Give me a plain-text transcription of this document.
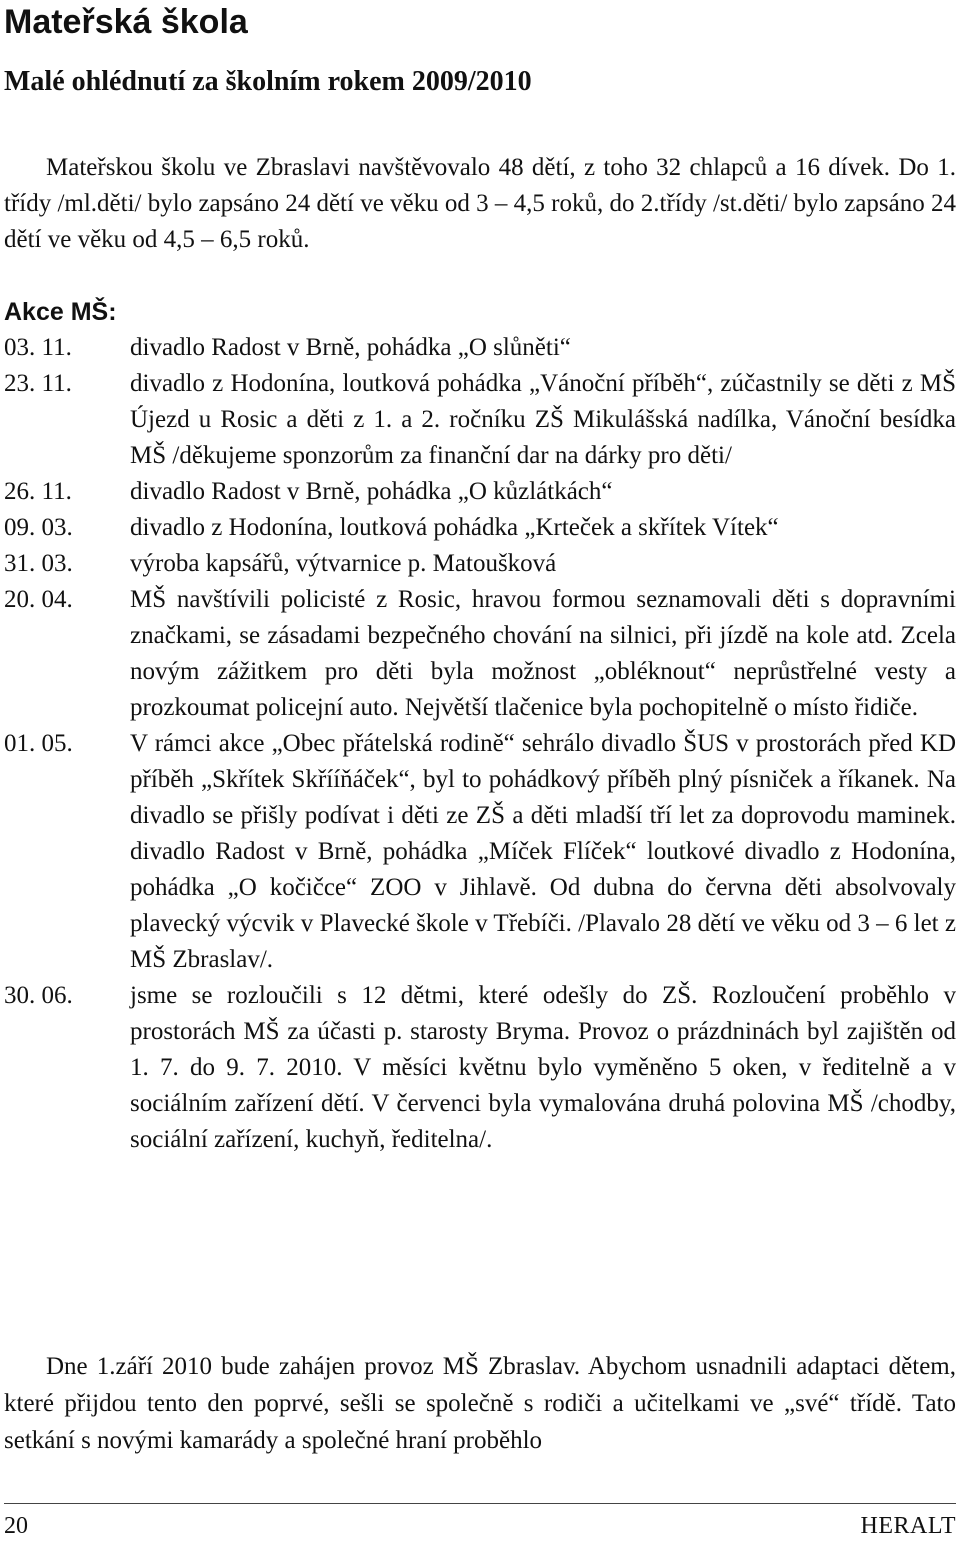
Mateřská škola
Malé ohlédnutí za školním rokem 2009/2010

Mateřskou školu ve Zbraslavi navštěvovalo 48 dětí, z toho 32 chlapců a 16 dívek. Do 1. třídy /ml.děti/ bylo zapsáno 24 dětí ve věku od 3 – 4,5 roků, do 2.třídy /st.děti/ bylo zapsáno 24 dětí ve věku od 4,5 – 6,5 roků.

Akce MŠ:
03. 11.	divadlo Radost v Brně, pohádka „O slůněti“
23. 11.	divadlo z Hodonína, loutková pohádka „Vánoční příběh“, zúčastnily se děti z MŠ Újezd u Rosic a děti z 1. a 2. ročníku ZŠ Mikulášská nadílka, Vánoční besídka MŠ /děkujeme sponzorům za finanční dar na dárky pro děti/
26. 11.	divadlo Radost v Brně, pohádka „O kůzlátkách“
09. 03.	divadlo z Hodonína, loutková pohádka „Krteček a skřítek Vítek“
31. 03.	výroba kapsářů, výtvarnice p. Matoušková
20. 04.	MŠ navštívili policisté z Rosic, hravou formou seznamovali děti s dopravními značkami, se zásadami bezpečného chování na silnici, při jízdě na kole atd. Zcela novým zážitkem pro děti byla možnost „obléknout“ neprůstřelné vesty a prozkoumat policejní auto. Největší tlačenice byla pochopitelně o místo řidiče.
01. 05.	V rámci akce „Obec přátelská rodině“ sehrálo divadlo ŠUS v prostorách před KD příběh „Skřítek Skřííňáček“, byl to pohádkový příběh plný písniček a říkanek. Na divadlo se přišly podívat i děti ze ZŠ a děti mladší tří let za doprovodu maminek. divadlo Radost v Brně, pohádka „Míček Flíček“ loutkové divadlo z Hodonína, pohádka „O kočičce“ ZOO v Jihlavě. Od dubna do června děti absolvovaly plavecký výcvik v Plavecké škole v Třebíči. /Plavalo 28 dětí ve věku od 3 – 6 let z MŠ Zbraslav/.
30. 06.	jsme se rozloučili s 12 dětmi, které odešly do ZŠ. Rozloučení proběhlo v prostorách MŠ za účasti p. starosty Bryma. Provoz o prázdninách byl zajištěn od 1. 7. do 9. 7. 2010. V měsíci květnu bylo vyměněno 5 oken, v ředitelně a v sociálním zařízení dětí. V červenci byla vymalována druhá polovina MŠ /chodby, sociální zařízení, kuchyň, ředitelna/.

Dne 1.září 2010 bude zahájen provoz MŠ Zbraslav. Abychom usnadnili adaptaci dětem, které přijdou tento den poprvé, sešli se společně s rodiči a učitelkami ve „své“ třídě. Tato setkání s novými kamarády a společné hraní proběhlo

20	HERALT
